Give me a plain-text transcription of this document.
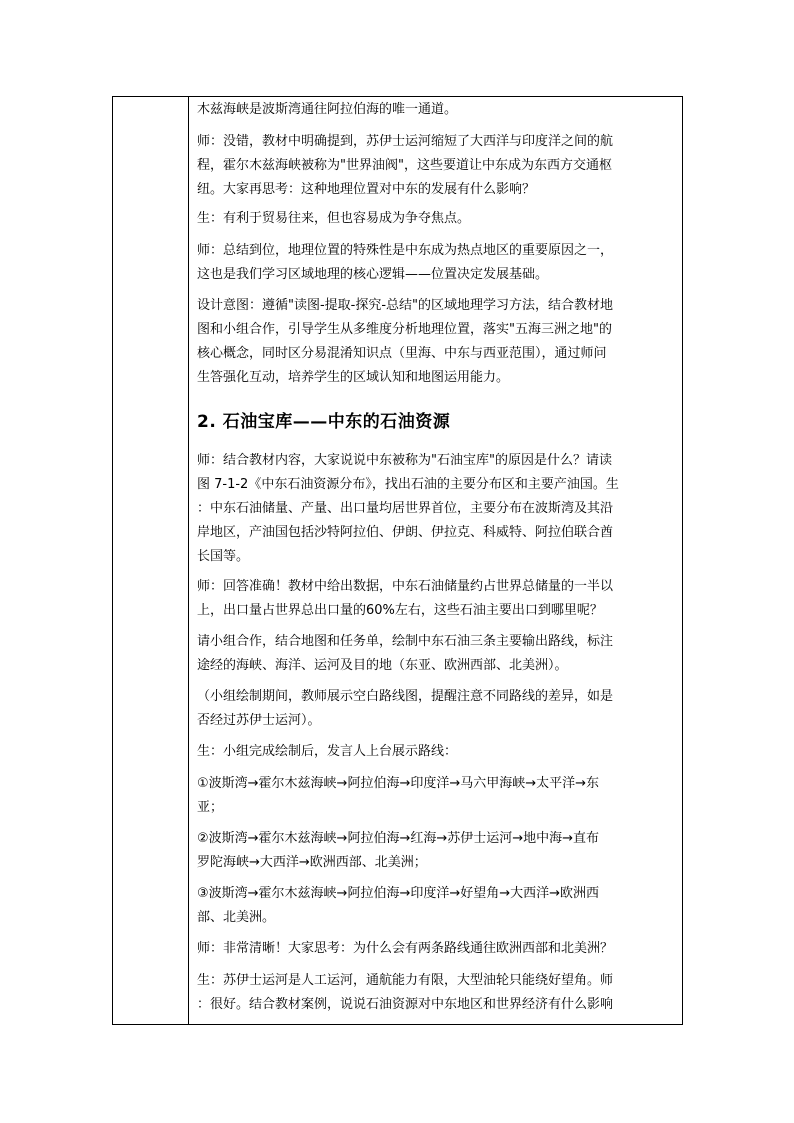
木兹海峡是波斯湾通往阿拉伯海的唯一通道。

师：没错，教材中明确提到，苏伊士运河缩短了大西洋与印度洋之间的航

程，霍尔木兹海峡被称为"世界油阀"，这些要道让中东成为东西方交通枢

纽。大家再思考：这种地理位置对中东的发展有什么影响？

生：有利于贸易往来，但也容易成为争夺焦点。

师：总结到位，地理位置的特殊性是中东成为热点地区的重要原因之一，

这也是我们学习区域地理的核心逻辑——位置决定发展基础。

设计意图：遵循"读图-提取-探究-总结"的区域地理学习方法，结合教材地

图和小组合作，引导学生从多维度分析地理位置，落实"五海三洲之地"的

核心概念，同时区分易混淆知识点（里海、中东与西亚范围），通过师问

生答强化互动，培养学生的区域认知和地图运用能力。

2. 石油宝库——中东的石油资源

师：结合教材内容，大家说说中东被称为"石油宝库"的原因是什么？请读

图 7-1-2《中东石油资源分布》，找出石油的主要分布区和主要产油国。生

：中东石油储量、产量、出口量均居世界首位，主要分布在波斯湾及其沿

岸地区，产油国包括沙特阿拉伯、伊朗、伊拉克、科威特、阿拉伯联合酋

长国等。

师：回答准确！教材中给出数据，中东石油储量约占世界总储量的一半以

上，出口量占世界总出口量的60%左右，这些石油主要出口到哪里呢？

请小组合作，结合地图和任务单，绘制中东石油三条主要输出路线，标注

途经的海峡、海洋、运河及目的地（东亚、欧洲西部、北美洲）。

（小组绘制期间，教师展示空白路线图，提醒注意不同路线的差异，如是

否经过苏伊士运河）。

生：小组完成绘制后，发言人上台展示路线：

①波斯湾→霍尔木兹海峡→阿拉伯海→印度洋→马六甲海峡→太平洋→东

亚；

②波斯湾→霍尔木兹海峡→阿拉伯海→红海→苏伊士运河→地中海→直布

罗陀海峡→大西洋→欧洲西部、北美洲；

③波斯湾→霍尔木兹海峡→阿拉伯海→印度洋→好望角→大西洋→欧洲西

部、北美洲。

师：非常清晰！大家思考：为什么会有两条路线通往欧洲西部和北美洲？

生：苏伊士运河是人工运河，通航能力有限，大型油轮只能绕好望角。师

：很好。结合教材案例，说说石油资源对中东地区和世界经济有什么影响
